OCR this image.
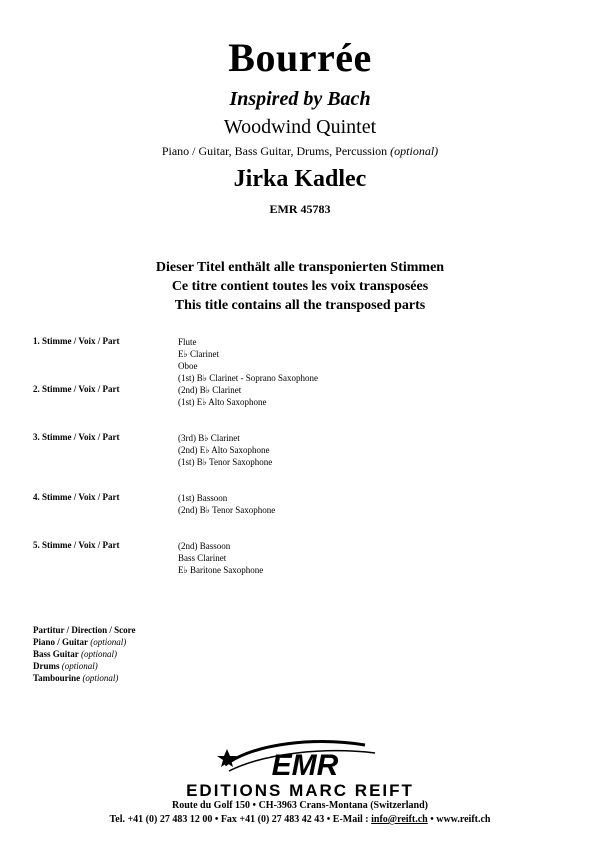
Bourrée
Inspired by Bach
Woodwind Quintet
Piano / Guitar, Bass Guitar, Drums, Percussion (optional)
Jirka Kadlec
EMR 45783
Dieser Titel enthält alle transponierten Stimmen
Ce titre contient toutes les voix transposées
This title contains all the transposed parts
1. Stimme / Voix / Part	Flute
E♭ Clarinet
Oboe
(1st) B♭ Clarinet - Soprano Saxophone
2. Stimme / Voix / Part	(2nd) B♭ Clarinet
(1st) E♭ Alto Saxophone
3. Stimme / Voix / Part	(3rd) B♭ Clarinet
(2nd) E♭ Alto Saxophone
(1st) B♭ Tenor Saxophone
4. Stimme / Voix / Part	(1st) Bassoon
(2nd) B♭ Tenor Saxophone
5. Stimme / Voix / Part	(2nd) Bassoon
Bass Clarinet
E♭ Baritone Saxophone
Partitur / Direction / Score
Piano / Guitar (optional)
Bass Guitar (optional)
Drums (optional)
Tambourine (optional)
EMR
EDITIONS MARC REIFT
Route du Golf 150 • CH-3963 Crans-Montana (Switzerland)
Tel. +41 (0) 27 483 12 00 • Fax +41 (0) 27 483 42 43 • E-Mail : info@reift.ch • www.reift.ch
